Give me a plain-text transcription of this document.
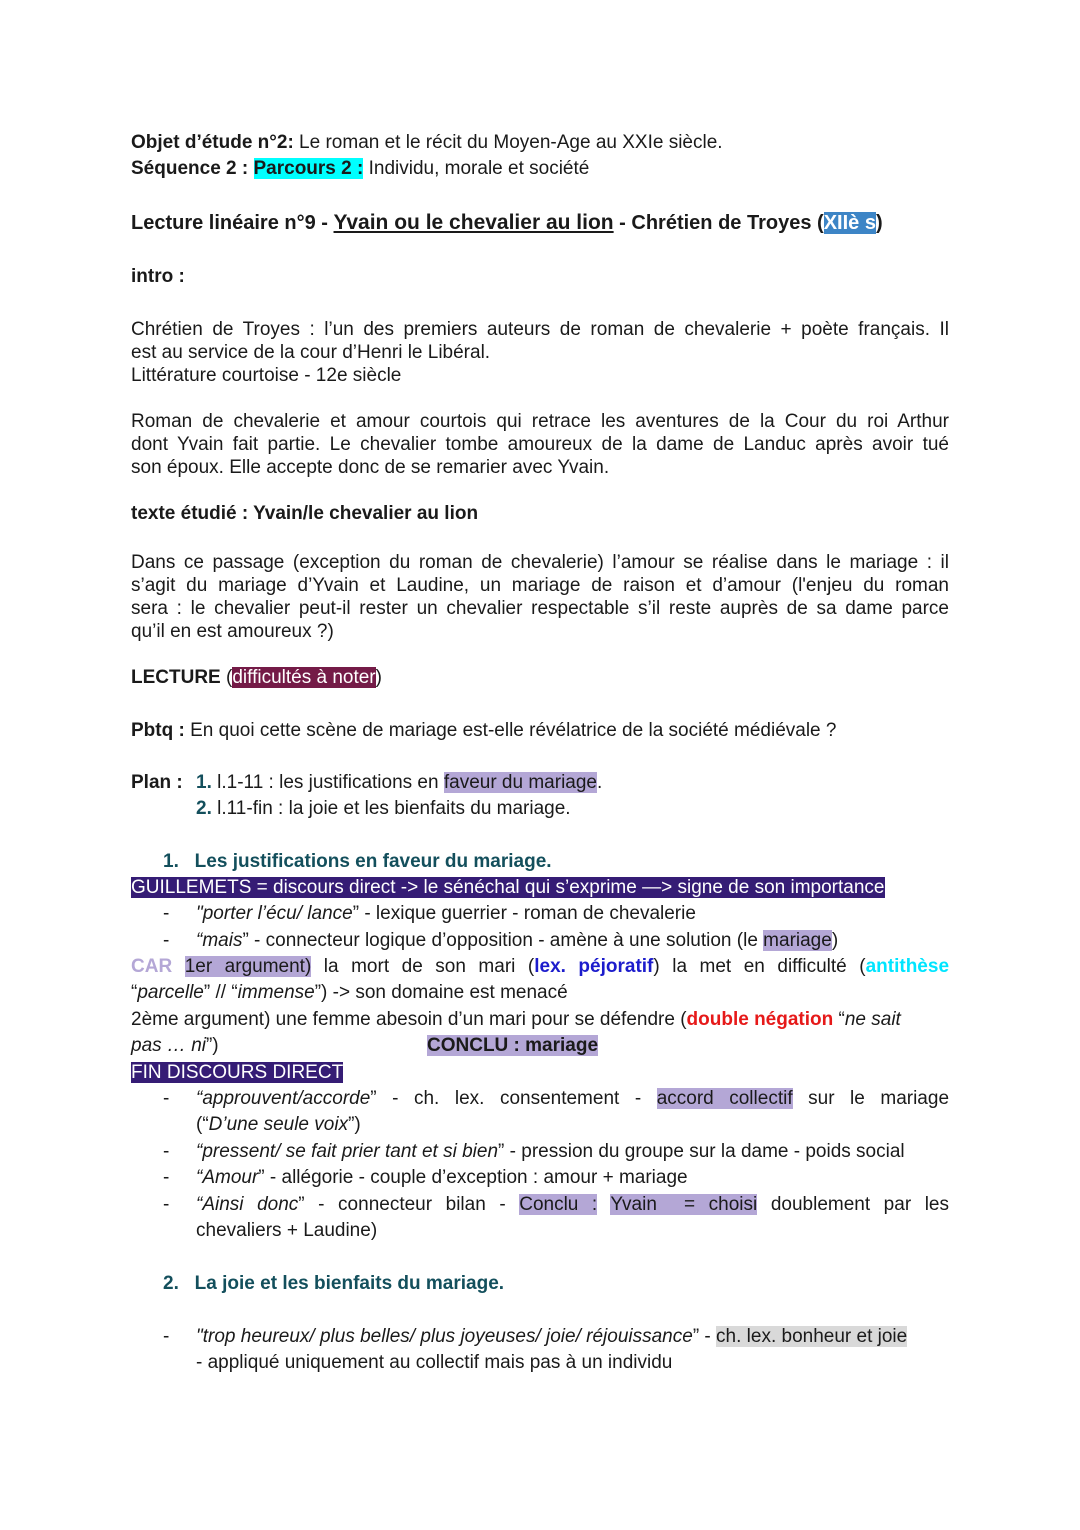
Objet d’étude n°2: Le roman et le récit du Moyen-Age au XXIe siècle.
Séquence 2 : Parcours 2 : Individu, morale et société
Lecture linéaire n°9 - Yvain ou le chevalier au lion - Chrétien de Troyes (XIIè s)
intro :
Chrétien de Troyes : l’un des premiers auteurs de roman de chevalerie + poète français. Il
est au service de la cour d’Henri le Libéral.
Littérature courtoise - 12e siècle
Roman de chevalerie et amour courtois qui retrace les aventures de la Cour du roi Arthur
dont Yvain fait partie. Le chevalier tombe amoureux de la dame de Landuc après avoir tué
son époux. Elle accepte donc de se remarier avec Yvain.
texte étudié : Yvain/le chevalier au lion
Dans ce passage (exception du roman de chevalerie) l’amour se réalise dans le mariage : il
s’agit du mariage d’Yvain et Laudine, un mariage de raison et d’amour (l'enjeu du roman
sera : le chevalier peut-il rester un chevalier respectable s’il reste auprès de sa dame parce
qu’il en est amoureux ?)
LECTURE (difficultés à noter)
Pbtq : En quoi cette scène de mariage est-elle révélatrice de la société médiévale ?
Plan : 1. l.1-11 : les justifications en faveur du mariage.
2. l.11-fin : la joie et les bienfaits du mariage.
1.   Les justifications en faveur du mariage.
GUILLEMETS = discours direct -> le sénéchal qui s’exprime —> signe de son importance
- "porter l’écu/ lance” - lexique guerrier - roman de chevalerie
- “mais” - connecteur logique d’opposition - amène à une solution (le mariage)
CAR 1er argument) la mort de son mari (lex. péjoratif) la met en difficulté (antithèse
“parcelle” // “immense”) -> son domaine est menacé
2ème argument) une femme abesoin d’un mari pour se défendre (double négation “ne sait
pas … ni”)	CONCLU : mariage
FIN DISCOURS DIRECT
- “approuvent/accorde” - ch. lex. consentement - accord collectif sur le mariage
(“D’une seule voix”)
- “pressent/ se fait prier tant et si bien” - pression du groupe sur la dame - poids social
- “Amour” - allégorie - couple d’exception : amour + mariage
- “Ainsi donc” - connecteur bilan - Conclu : Yvain  = choisi doublement par les
chevaliers + Laudine)
2.   La joie et les bienfaits du mariage.
- "trop heureux/ plus belles/ plus joyeuses/ joie/ réjouissance” - ch. lex. bonheur et joie
- appliqué uniquement au collectif mais pas à un individu
